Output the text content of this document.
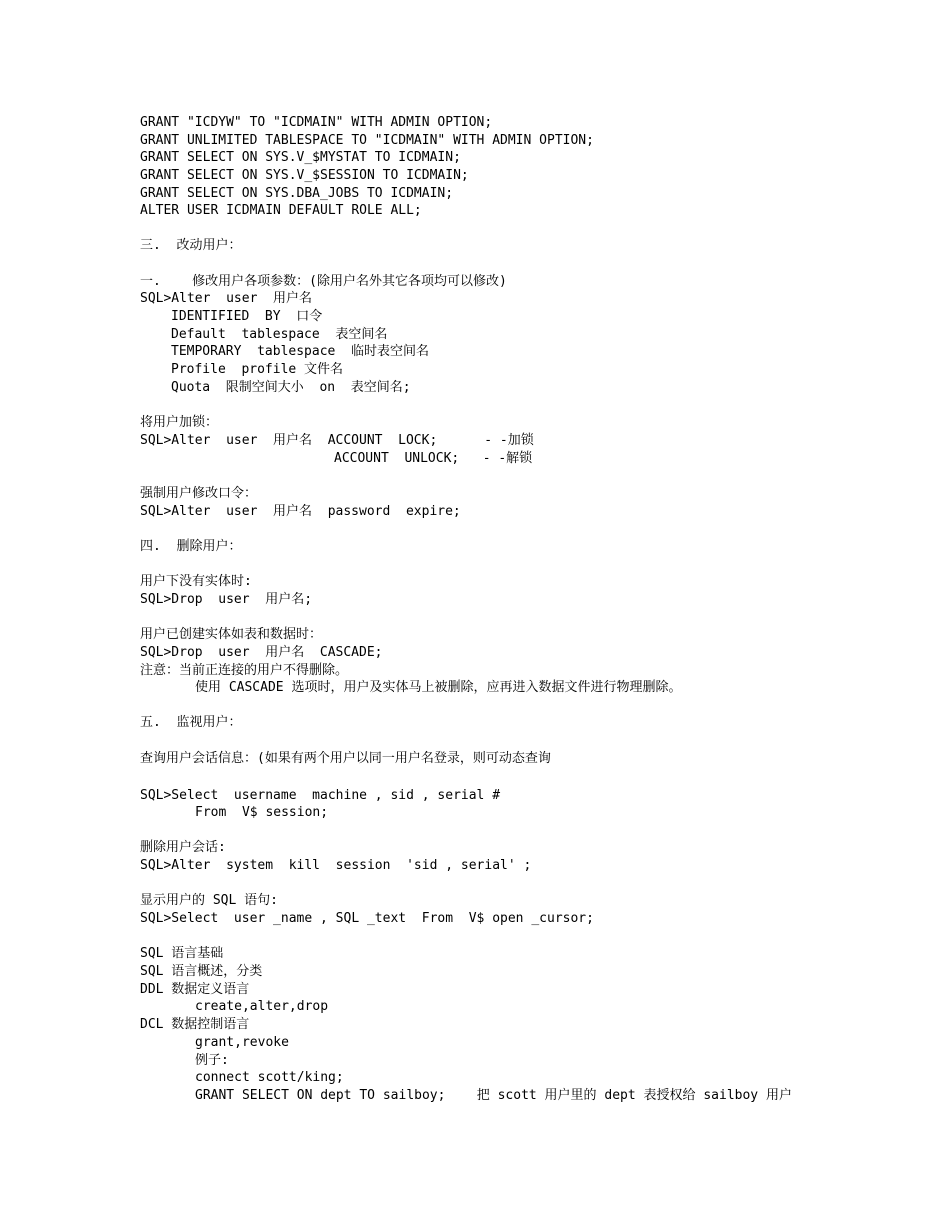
GRANT "ICDYW" TO "ICDMAIN" WITH ADMIN OPTION;

GRANT UNLIMITED TABLESPACE TO "ICDMAIN" WITH ADMIN OPTION;

GRANT SELECT ON SYS.V_$MYSTAT TO ICDMAIN;

GRANT SELECT ON SYS.V_$SESSION TO ICDMAIN;

GRANT SELECT ON SYS.DBA_JOBS TO ICDMAIN;

ALTER USER ICDMAIN DEFAULT ROLE ALL;

三.  改动用户：

一.    修改用户各项参数：(除用户名外其它各项均可以修改)

SQL>Alter  user  用户名

IDENTIFIED  BY  口令

Default  tablespace  表空间名

TEMPORARY  tablespace  临时表空间名

Profile  profile 文件名

Quota  限制空间大小  on  表空间名;

将用户加锁：

SQL>Alter  user  用户名  ACCOUNT  LOCK;      - -加锁

ACCOUNT  UNLOCK;   - -解锁

强制用户修改口令：

SQL>Alter  user  用户名  password  expire;

四.  删除用户：

用户下没有实体时:

SQL>Drop  user  用户名;

用户已创建实体如表和数据时：

SQL>Drop  user  用户名  CASCADE;

注意：当前正连接的用户不得删除。

使用 CASCADE 选项时，用户及实体马上被删除，应再进入数据文件进行物理删除。

五.  监视用户：

查询用户会话信息：(如果有两个用户以同一用户名登录，则可动态查询

SQL>Select  username  machine , sid , serial #

From  V$ session;

删除用户会话:

SQL>Alter  system  kill  session  'sid , serial' ;

显示用户的 SQL 语句:

SQL>Select  user _name , SQL _text  From  V$ open _cursor;

SQL 语言基础

SQL 语言概述，分类

DDL 数据定义语言

create,alter,drop

DCL 数据控制语言

grant,revoke

例子:

connect scott/king;

GRANT SELECT ON dept TO sailboy;    把 scott 用户里的 dept 表授权给 sailboy 用户
